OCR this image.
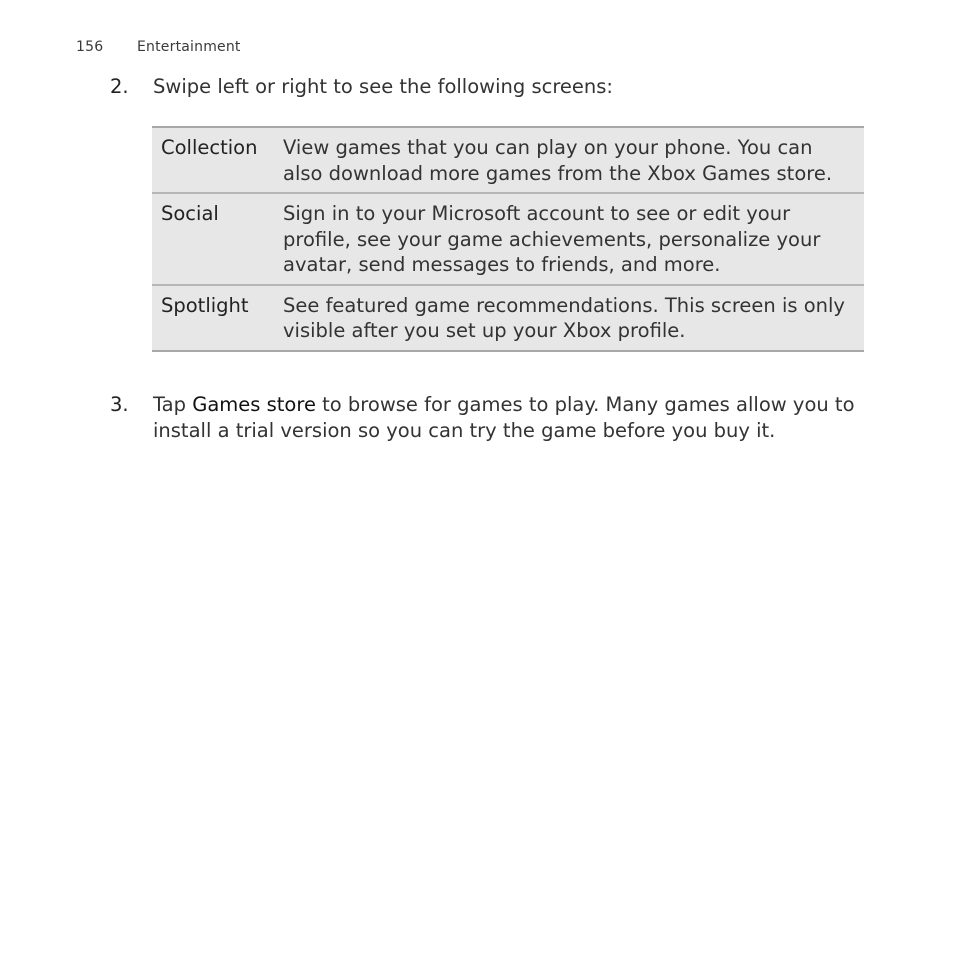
156 Entertainment
2.	Swipe left or right to see the following screens:
Collection	View games that you can play on your phone. You can also download more games from the Xbox Games store.
Social	Sign in to your Microsoft account to see or edit your profile, see your game achievements, personalize your avatar, send messages to friends, and more.
Spotlight	See featured game recommendations. This screen is only visible after you set up your Xbox profile.
3.	Tap Games store to browse for games to play. Many games allow you to install a trial version so you can try the game before you buy it.
